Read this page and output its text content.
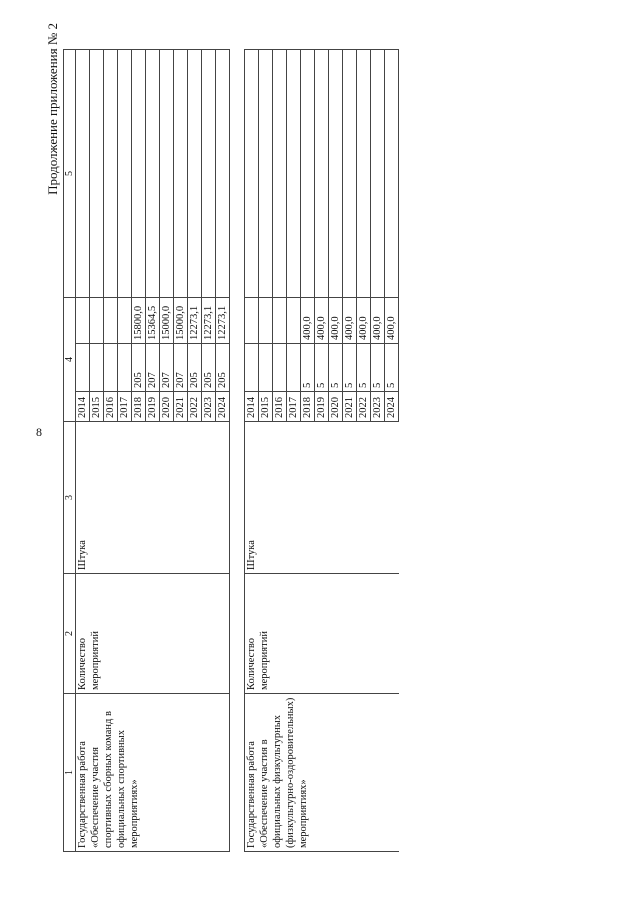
8
Продолжение приложения № 2
1	2	3	4			5
Государственная работа «Обеспечение участия спортивных сборных команд в официальных спортивных мероприятиях»	Количество мероприятий	Штука	2014			
			2015			
			2016			
			2017			
			2018	205	15800,0	
			2019	207	15364,5	
			2020	207	15000,0	
			2021	207	15000,0	
			2022	205	12273,1	
			2023	205	12273,1	
			2024	205	12273,1	

Государственная работа «Обеспечение участия в официальных физкультурных (физкультурно-оздоровительных) мероприятиях»	Количество мероприятий	Штука	2014			
			2015			
			2016			
			2017			
			2018	5	400,0	
			2019	5	400,0	
			2020	5	400,0	
			2021	5	400,0	
			2022	5	400,0	
			2023	5	400,0	
			2024	5	400,0	
